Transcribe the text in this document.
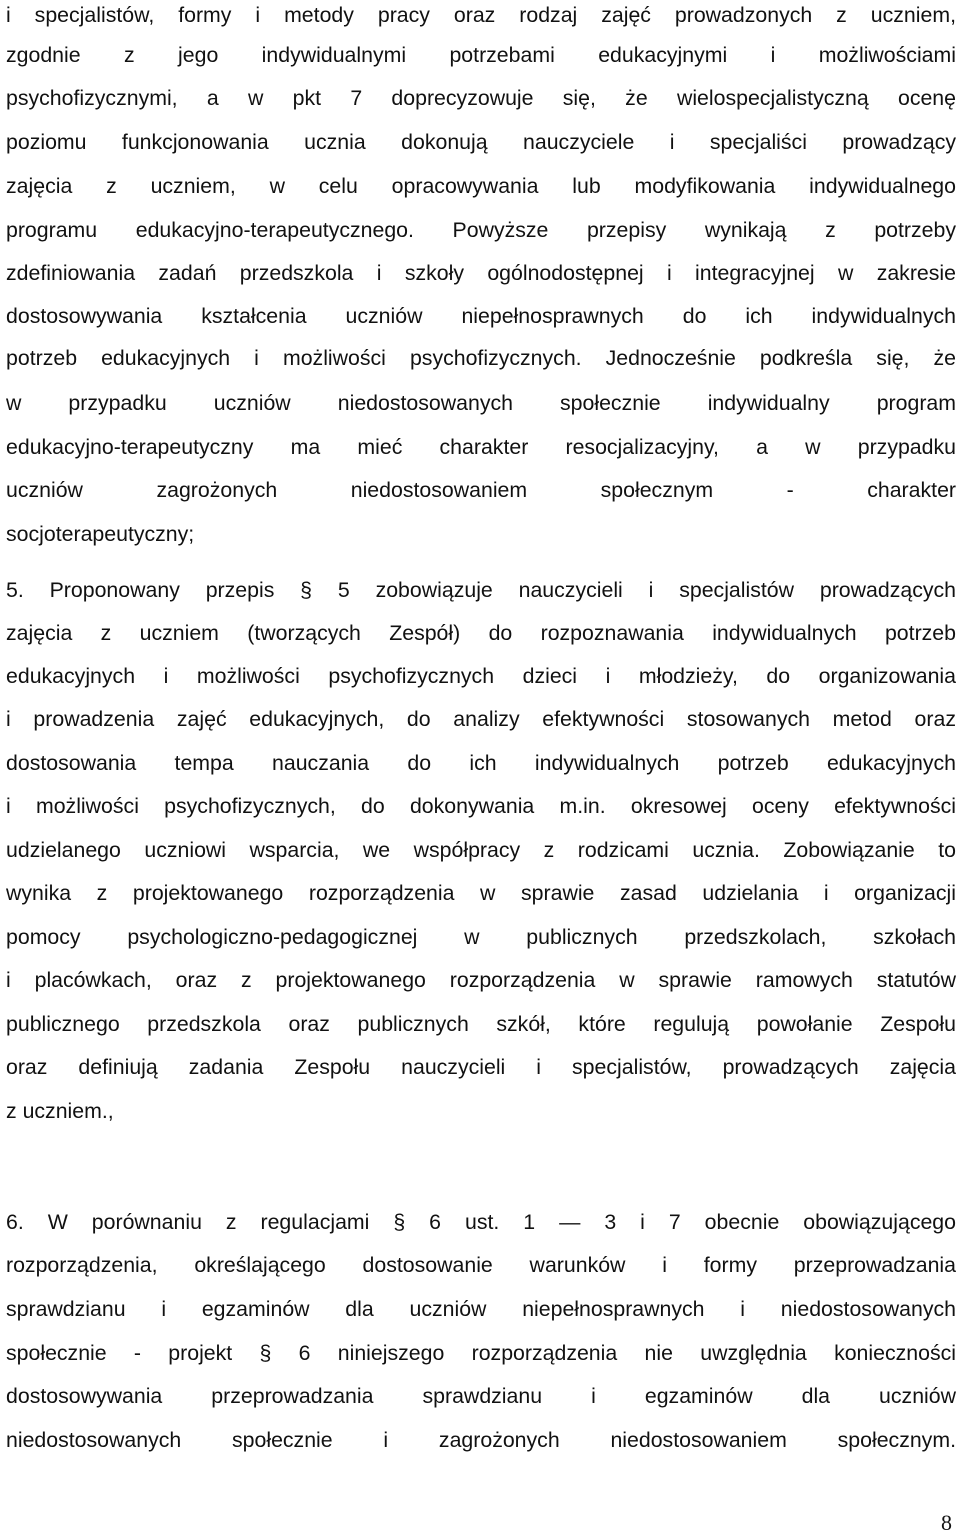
i specjalistów, formy i metody pracy oraz rodzaj zajęć prowadzonych z uczniem,
zgodnie z jego indywidualnymi potrzebami edukacyjnymi i możliwościami
psychofizycznymi, a w pkt 7 doprecyzowuje się, że wielospecjalistyczną ocenę
poziomu funkcjonowania ucznia dokonują nauczyciele i specjaliści prowadzący
zajęcia z uczniem, w celu opracowywania lub modyfikowania indywidualnego
programu edukacyjno-terapeutycznego. Powyższe przepisy wynikają z potrzeby
zdefiniowania zadań przedszkola i szkoły ogólnodostępnej i integracyjnej w zakresie
dostosowywania kształcenia uczniów niepełnosprawnych do ich indywidualnych
potrzeb edukacyjnych i możliwości psychofizycznych. Jednocześnie podkreśla się, że
w przypadku uczniów niedostosowanych społecznie indywidualny program
edukacyjno-terapeutyczny ma mieć charakter resocjalizacyjny, a w przypadku
uczniów zagrożonych niedostosowaniem społecznym - charakter
socjoterapeutyczny;
5. Proponowany przepis § 5 zobowiązuje nauczycieli i specjalistów prowadzących
zajęcia z uczniem (tworzących Zespół) do rozpoznawania indywidualnych potrzeb
edukacyjnych i możliwości psychofizycznych dzieci i młodzieży, do organizowania
i prowadzenia zajęć edukacyjnych, do analizy efektywności stosowanych metod oraz
dostosowania tempa nauczania do ich indywidualnych potrzeb edukacyjnych
i możliwości psychofizycznych, do dokonywania m.in. okresowej oceny efektywności
udzielanego uczniowi wsparcia, we współpracy z rodzicami ucznia. Zobowiązanie to
wynika z projektowanego rozporządzenia w sprawie zasad udzielania i organizacji
pomocy psychologiczno-pedagogicznej w publicznych przedszkolach, szkołach
i placówkach, oraz z projektowanego rozporządzenia w sprawie ramowych statutów
publicznego przedszkola oraz publicznych szkół, które regulują powołanie Zespołu
oraz definiują zadania Zespołu nauczycieli i specjalistów, prowadzących zajęcia
z uczniem.,
6. W porównaniu z regulacjami § 6 ust. 1 — 3 i 7 obecnie obowiązującego
rozporządzenia, określającego dostosowanie warunków i formy przeprowadzania
sprawdzianu i egzaminów dla uczniów niepełnosprawnych i niedostosowanych
społecznie - projekt § 6 niniejszego rozporządzenia nie uwzględnia konieczności
dostosowywania przeprowadzania sprawdzianu i egzaminów dla uczniów
niedostosowanych społecznie i zagrożonych niedostosowaniem społecznym.
8
